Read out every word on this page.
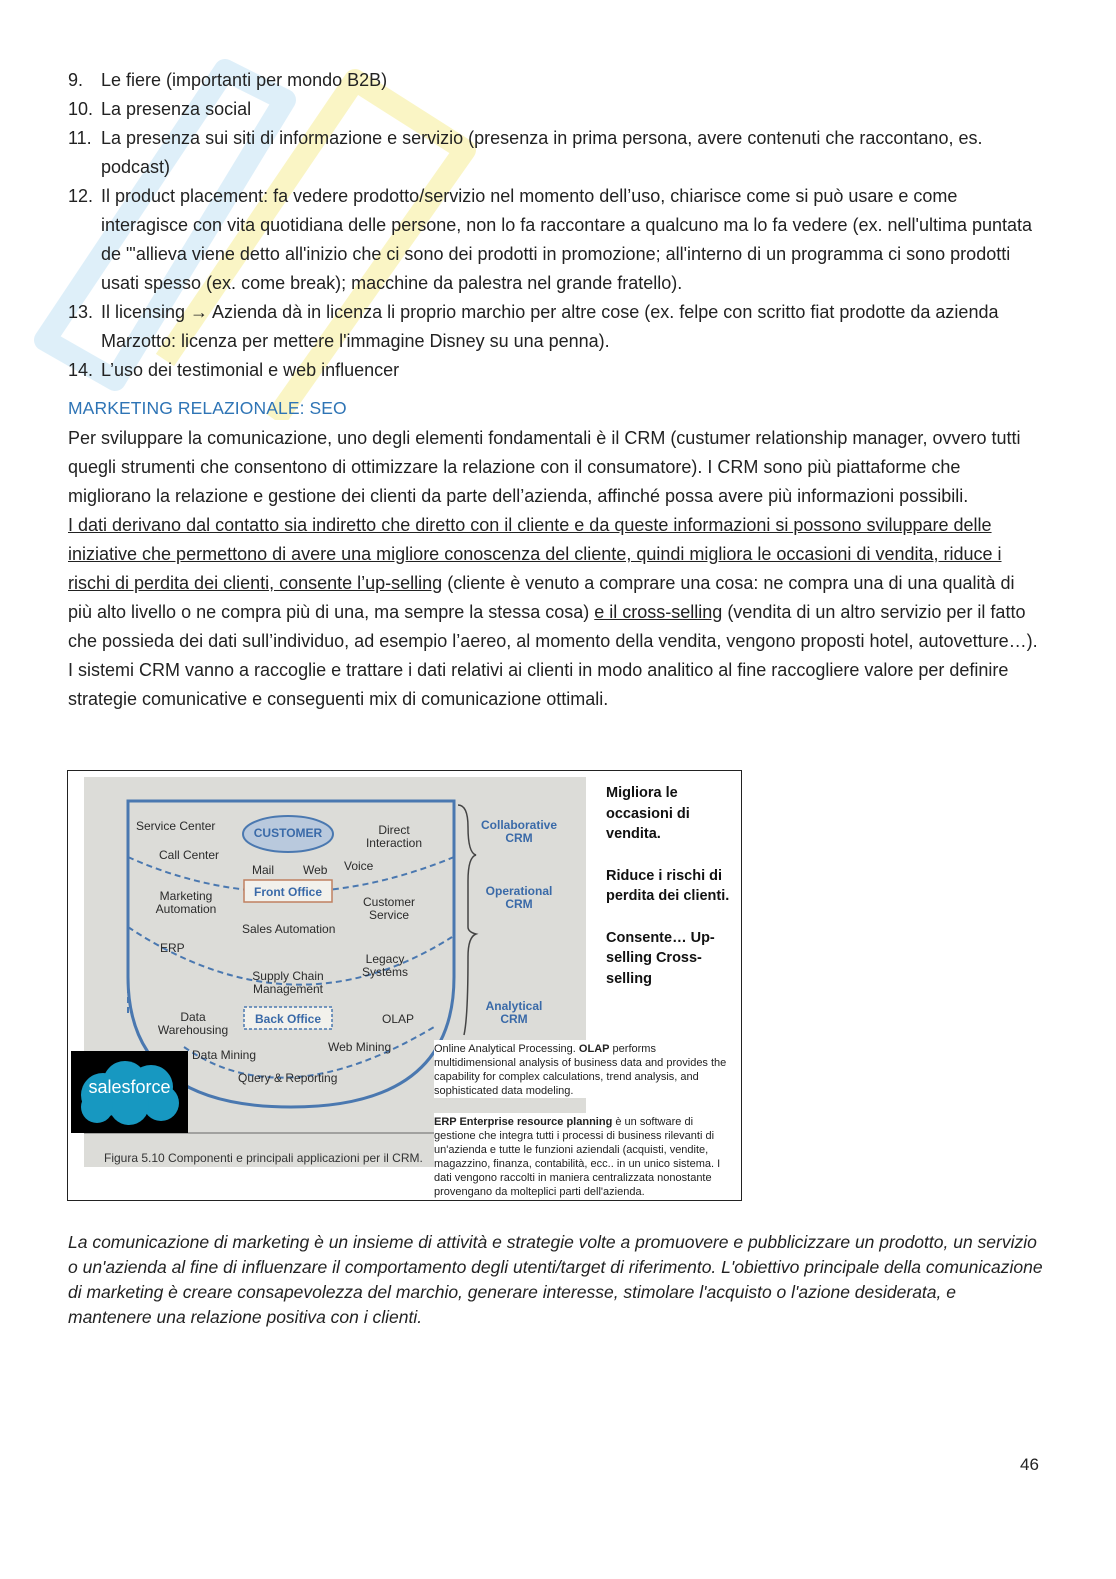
9. Le fiere (importanti per mondo B2B)
10. La presenza social
11. La presenza sui siti di informazione e servizio (presenza in prima persona, avere contenuti che raccontano, es. podcast)
12. Il product placement: fa vedere prodotto/servizio nel momento dell’uso, chiarisce come si può usare e come interagisce con vita quotidiana delle persone, non lo fa raccontare a qualcuno ma lo fa vedere (ex. nell'ultima puntata de "'allieva viene detto all'inizio che ci sono dei prodotti in promozione; all'interno di un programma ci sono prodotti usati spesso (ex. come break); macchine da palestra nel grande fratello).
13. Il licensing → Azienda dà in licenza li proprio marchio per altre cose (ex. felpe con scritto fiat prodotte da azienda Marzotto: licenza per mettere l'immagine Disney su una penna).
14. L’uso dei testimonial e web influencer
MARKETING RELAZIONALE: SEO

Per sviluppare la comunicazione, uno degli elementi fondamentali è il CRM (custumer relationship manager, ovvero tutti quegli strumenti che consentono di ottimizzare la relazione con il consumatore). I CRM sono più piattaforme che migliorano la relazione e gestione dei clienti da parte dell’azienda, affinché possa avere più informazioni possibili.

I dati derivano dal contatto sia indiretto che diretto con il cliente e da queste informazioni si possono sviluppare delle iniziative che permettono di avere una migliore conoscenza del cliente, quindi migliora le occasioni di vendita, riduce i rischi di perdita dei clienti, consente l’up-selling (cliente è venuto a comprare una cosa: ne compra una di una qualità di più alto livello o ne compra più di una, ma sempre la stessa cosa) e il cross-selling (vendita di un altro servizio per il fatto che possieda dei dati sull’individuo, ad esempio l’aereo, al momento della vendita, vengono proposti hotel, autovetture…).

I sistemi CRM vanno a raccoglie e trattare i dati relativi ai clienti in modo analitico al fine raccogliere valore per definire strategie comunicative e conseguenti mix di comunicazione ottimali.

CUSTOMER
Service Center
Call Center
Direct Interaction
Mail Web Voice
Front Office
Marketing Automation	Customer Service
Sales Automation
ERP
Legacy Systems
Supply Chain Management
Data Warehousing
Back Office	OLAP
Web Mining
Data Mining
Query & Reporting
Collaborative CRM
Operational CRM
Analytical CRM
Figura 5.10 Componenti e principali applicazioni per il CRM.
salesforce

Migliora le occasioni di vendita.

Riduce i rischi di perdita dei clienti.

Consente… Up-selling Cross-selling

Online Analytical Processing. OLAP performs multidimensional analysis of business data and provides the capability for complex calculations, trend analysis, and sophisticated data modeling.
ERP Enterprise resource planning è un software di gestione che integra tutti i processi di business rilevanti di un'azienda e tutte le funzioni aziendali (acquisti, vendite, magazzino, finanza, contabilità, ecc.. in un unico sistema. I dati vengono raccolti in maniera centralizzata nonostante provengano da molteplici parti dell'azienda.
La comunicazione di marketing è un insieme di attività e strategie volte a promuovere e pubblicizzare un prodotto, un servizio o un'azienda al fine di influenzare il comportamento degli utenti/target di riferimento. L'obiettivo principale della comunicazione di marketing è creare consapevolezza del marchio, generare interesse, stimolare l'acquisto o l'azione desiderata, e mantenere una relazione positiva con i clienti.
46
